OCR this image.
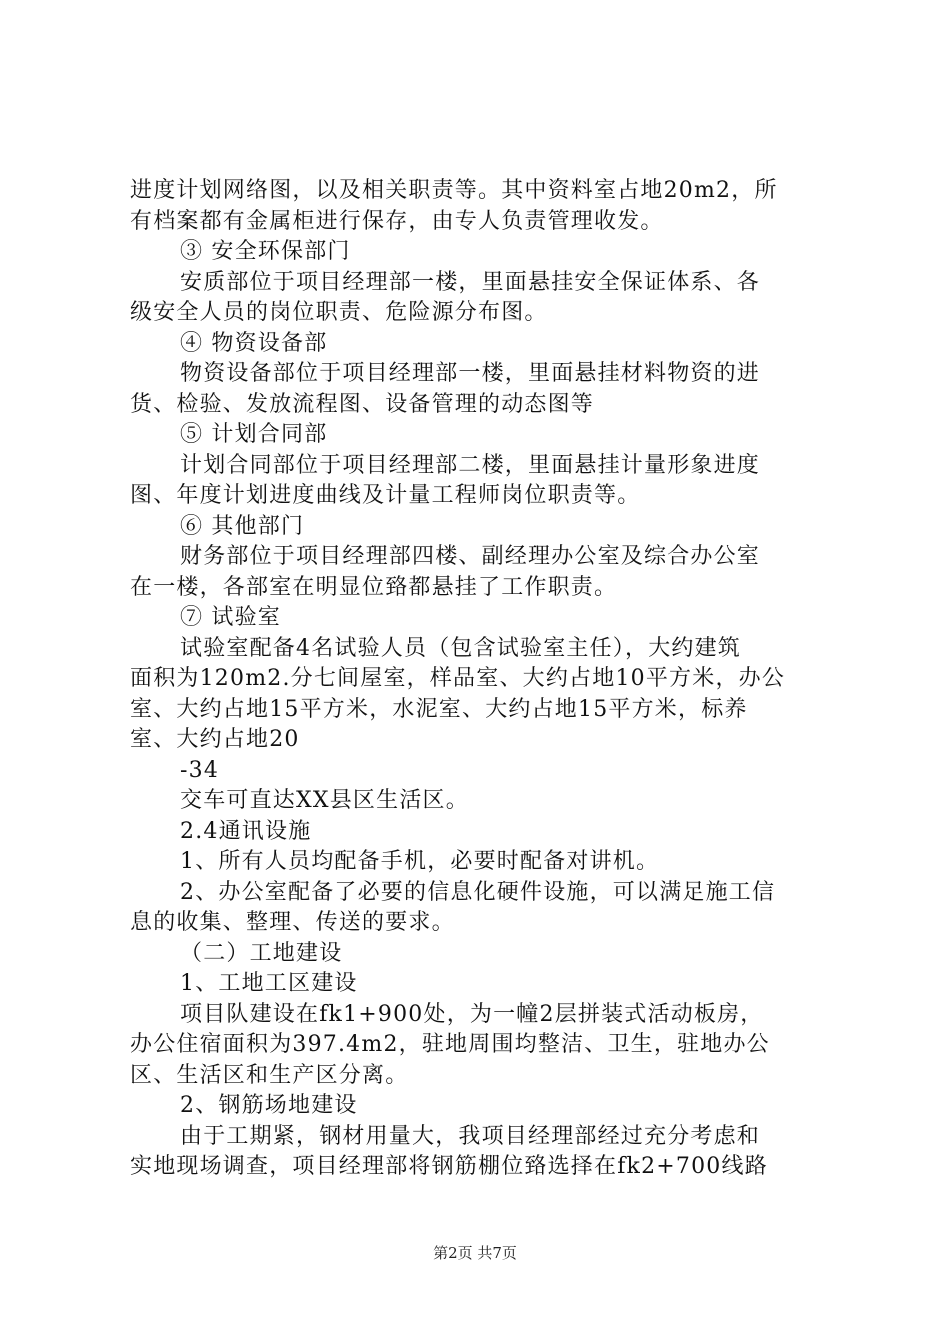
进度计划网络图，以及相关职责等。其中资料室占地20m2，所
有档案都有金属柜进行保存，由专人负责管理收发。
③ 安全环保部门
安质部位于项目经理部一楼，里面悬挂安全保证体系、各
级安全人员的岗位职责、危险源分布图。
④ 物资设备部
物资设备部位于项目经理部一楼，里面悬挂材料物资的进
货、检验、发放流程图、设备管理的动态图等
⑤ 计划合同部
计划合同部位于项目经理部二楼，里面悬挂计量形象进度
图、年度计划进度曲线及计量工程师岗位职责等。
⑥ 其他部门
财务部位于项目经理部四楼、副经理办公室及综合办公室
在一楼，各部室在明显位臵都悬挂了工作职责。
⑦ 试验室
试验室配备4名试验人员（包含试验室主任），大约建筑
面积为120m2.分七间屋室，样品室、大约占地10平方米，办公
室、大约占地15平方米，水泥室、大约占地15平方米，标养
室、大约占地20
-34
交车可直达XX县区生活区。
2.4通讯设施
1、所有人员均配备手机，必要时配备对讲机。
2、办公室配备了必要的信息化硬件设施，可以满足施工信
息的收集、整理、传送的要求。
（二）工地建设
1、工地工区建设
项目队建设在fk1+900处，为一幢2层拼装式活动板房，
办公住宿面积为397.4m2，驻地周围均整洁、卫生，驻地办公
区、生活区和生产区分离。
2、钢筋场地建设
由于工期紧，钢材用量大，我项目经理部经过充分考虑和
实地现场调查，项目经理部将钢筋棚位臵选择在fk2+700线路
第2页 共7页
